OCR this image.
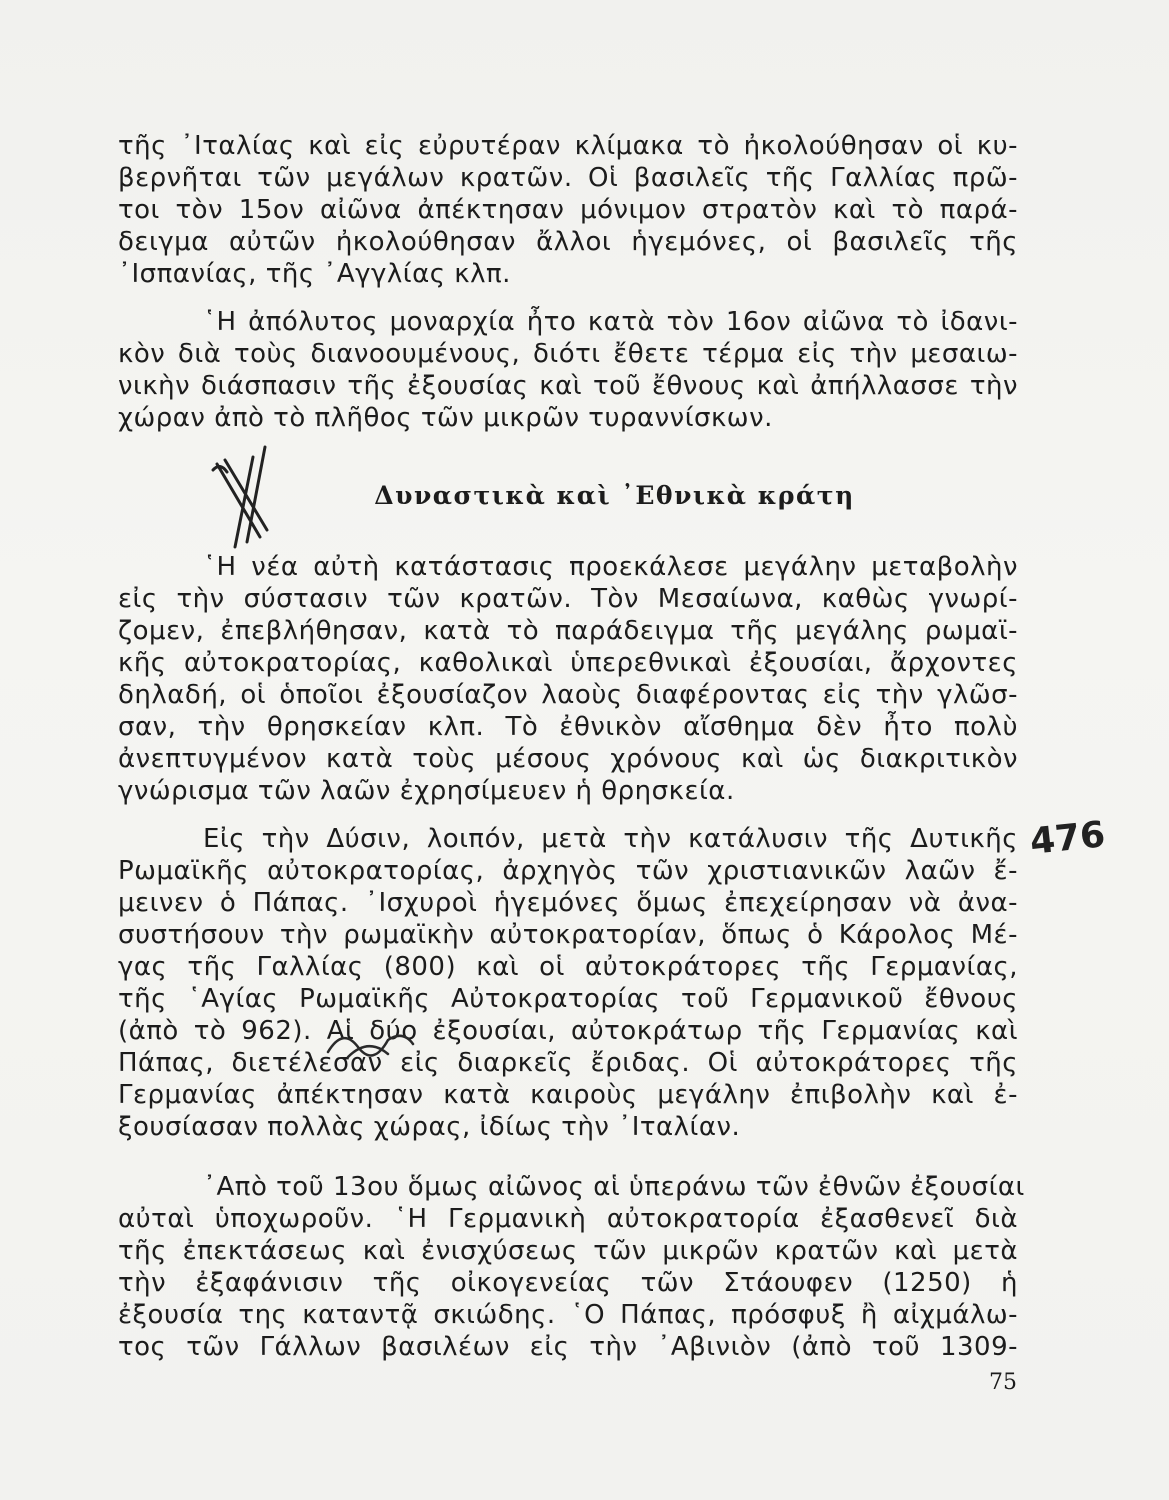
τῆς ᾿Ιταλίας καὶ εἰς εὐρυτέραν κλίμακα τὸ ἠκολούθησαν οἱ κυ-
βερνῆται τῶν μεγάλων κρατῶν. Οἱ βασιλεῖς τῆς Γαλλίας πρῶ-
τοι τὸν 15ον αἰῶνα ἀπέκτησαν μόνιμον στρατὸν καὶ τὸ παρά-
δειγμα αὐτῶν ἠκολούθησαν ἄλλοι ἡγεμόνες, οἱ βασιλεῖς τῆς
᾿Ισπανίας, τῆς ᾿Αγγλίας κλπ.
῾Η ἀπόλυτος μοναρχία ἦτο κατὰ τὸν 16ον αἰῶνα τὸ ἰδανι-
κὸν διὰ τοὺς διανοουμένους, διότι ἔθετε τέρμα εἰς τὴν μεσαιω-
νικὴν διάσπασιν τῆς ἐξουσίας καὶ τοῦ ἔθνους καὶ ἀπήλλασσε τὴν
χώραν ἀπὸ τὸ πλῆθος τῶν μικρῶν τυραννίσκων.
Δυναστικὰ καὶ ᾿Εθνικὰ κράτη
῾Η νέα αὐτὴ κατάστασις προεκάλεσε μεγάλην μεταβολὴν
εἰς τὴν σύστασιν τῶν κρατῶν. Τὸν Μεσαίωνα, καθὼς γνωρί-
ζομεν, ἐπεβλήθησαν, κατὰ τὸ παράδειγμα τῆς μεγάλης ρωμαϊ-
κῆς αὐτοκρατορίας, καθολικαὶ ὑπερεθνικαὶ ἐξουσίαι, ἄρχοντες
δηλαδή, οἱ ὁποῖοι ἐξουσίαζον λαοὺς διαφέροντας εἰς τὴν γλῶσ-
σαν, τὴν θρησκείαν κλπ. Τὸ ἐθνικὸν αἴσθημα δὲν ἦτο πολὺ
ἀνεπτυγμένον κατὰ τοὺς μέσους χρόνους καὶ ὡς διακριτικὸν
γνώρισμα τῶν λαῶν ἐχρησίμευεν ἡ θρησκεία.
Εἰς τὴν Δύσιν, λοιπόν, μετὰ τὴν κατάλυσιν τῆς Δυτικῆς
Ρωμαϊκῆς αὐτοκρατορίας, ἀρχηγὸς τῶν χριστιανικῶν λαῶν ἔ-
μεινεν ὁ Πάπας. ᾿Ισχυροὶ ἡγεμόνες ὅμως ἐπεχείρησαν νὰ ἀνα-
συστήσουν τὴν ρωμαϊκὴν αὐτοκρατορίαν, ὅπως ὁ Κάρολος Μέ-
γας τῆς Γαλλίας (800) καὶ οἱ αὐτοκράτορες τῆς Γερμανίας,
τῆς ῾Αγίας Ρωμαϊκῆς Αὐτοκρατορίας τοῦ Γερμανικοῦ ἔθνους
(ἀπὸ τὸ 962). Αἱ δύο ἐξουσίαι, αὐτοκράτωρ τῆς Γερμανίας καὶ
Πάπας, διετέλεσαν εἰς διαρκεῖς ἔριδας. Οἱ αὐτοκράτορες τῆς
Γερμανίας ἀπέκτησαν κατὰ καιροὺς μεγάλην ἐπιβολὴν καὶ ἐ-
ξουσίασαν πολλὰς χώρας, ἰδίως τὴν ᾿Ιταλίαν.
᾿Απὸ τοῦ 13ου ὅμως αἰῶνος αἱ ὑπεράνω τῶν ἐθνῶν ἐξουσίαι
αὐταὶ ὑποχωροῦν. ῾Η Γερμανικὴ αὐτοκρατορία ἐξασθενεῖ διὰ
τῆς ἐπεκτάσεως καὶ ἐνισχύσεως τῶν μικρῶν κρατῶν καὶ μετὰ
τὴν ἐξαφάνισιν τῆς οἰκογενείας τῶν Στάουφεν (1250) ἡ
ἐξουσία της καταντᾷ σκιώδης. ῾Ο Πάπας, πρόσφυξ ἢ αἰχμάλω-
τος τῶν Γάλλων βασιλέων εἰς τὴν ᾿Αβινιὸν (ἀπὸ τοῦ 1309-
476
75
